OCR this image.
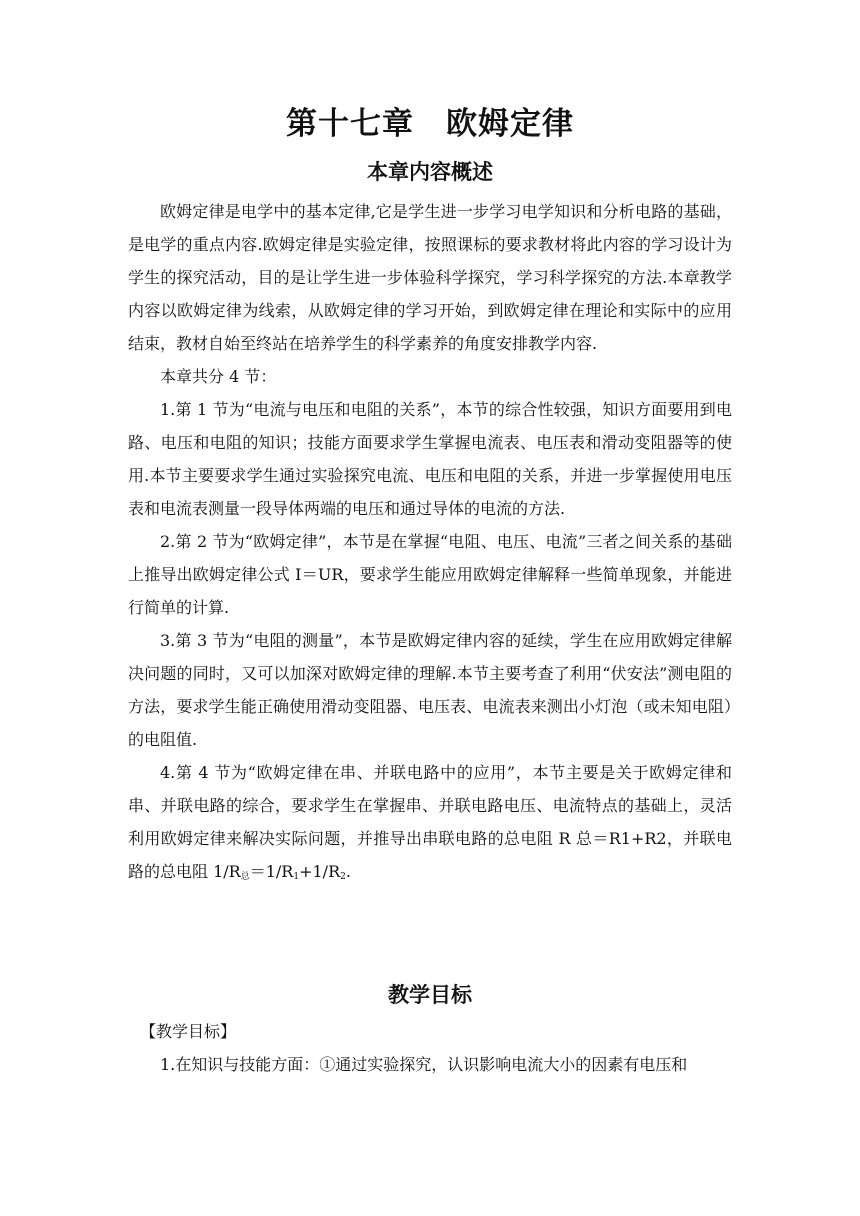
第十七章　欧姆定律
本章内容概述

欧姆定律是电学中的基本定律,它是学生进一步学习电学知识和分析电路的基础，是电学的重点内容.欧姆定律是实验定律，按照课标的要求教材将此内容的学习设计为学生的探究活动，目的是让学生进一步体验科学探究，学习科学探究的方法.本章教学内容以欧姆定律为线索，从欧姆定律的学习开始，到欧姆定律在理论和实际中的应用结束，教材自始至终站在培养学生的科学素养的角度安排教学内容.

本章共分 4 节：

1.第 1 节为“电流与电压和电阻的关系”，本节的综合性较强，知识方面要用到电路、电压和电阻的知识；技能方面要求学生掌握电流表、电压表和滑动变阻器等的使用.本节主要要求学生通过实验探究电流、电压和电阻的关系，并进一步掌握使用电压表和电流表测量一段导体两端的电压和通过导体的电流的方法.

2.第 2 节为“欧姆定律”，本节是在掌握“电阻、电压、电流”三者之间关系的基础上推导出欧姆定律公式 I＝UR，要求学生能应用欧姆定律解释一些简单现象，并能进行简单的计算.

3.第 3 节为“电阻的测量”，本节是欧姆定律内容的延续，学生在应用欧姆定律解决问题的同时，又可以加深对欧姆定律的理解.本节主要考查了利用“伏安法”测电阻的方法，要求学生能正确使用滑动变阻器、电压表、电流表来测出小灯泡（或未知电阻）的电阻值.

4.第 4 节为“欧姆定律在串、并联电路中的应用”，本节主要是关于欧姆定律和串、并联电路的综合，要求学生在掌握串、并联电路电压、电流特点的基础上，灵活利用欧姆定律来解决实际问题，并推导出串联电路的总电阻 R 总＝R1+R2，并联电路的总电阻 $1/R_总=1/R_1+1/R_2$.

教学目标

【教学目标】

1.在知识与技能方面：①通过实验探究，认识影响电流大小的因素有电压和
